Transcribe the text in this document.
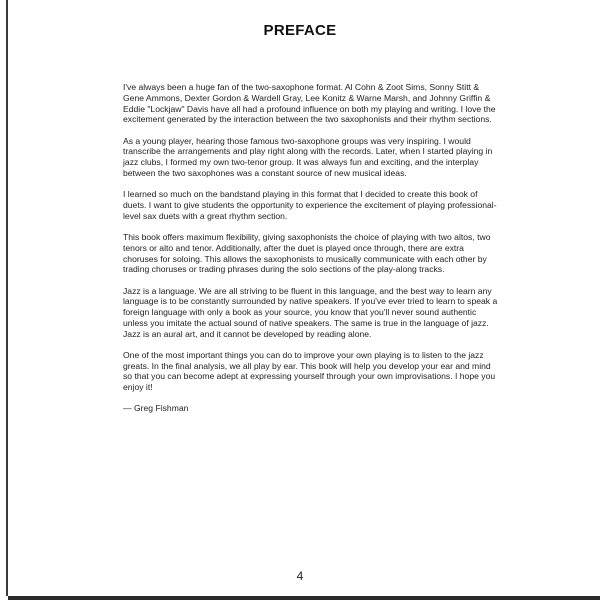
PREFACE

I've always been a huge fan of the two-saxophone format. Al Cohn & Zoot Sims, Sonny Stitt & Gene Ammons, Dexter Gordon & Wardell Gray, Lee Konitz & Warne Marsh, and Johnny Griffin & Eddie "Lockjaw" Davis have all had a profound influence on both my playing and writing. I love the excitement generated by the interaction between the two saxophonists and their rhythm sections.

As a young player, hearing those famous two-saxophone groups was very inspiring. I would transcribe the arrangements and play right along with the records. Later, when I started playing in jazz clubs, I formed my own two-tenor group. It was always fun and exciting, and the interplay between the two saxophones was a constant source of new musical ideas.

I learned so much on the bandstand playing in this format that I decided to create this book of duets. I want to give students the opportunity to experience the excitement of playing professional-level sax duets with a great rhythm section.

This book offers maximum flexibility, giving saxophonists the choice of playing with two altos, two tenors or alto and tenor. Additionally, after the duet is played once through, there are extra choruses for soloing. This allows the saxophonists to musically communicate with each other by trading choruses or trading phrases during the solo sections of the play-along tracks.

Jazz is a language. We are all striving to be fluent in this language, and the best way to learn any language is to be constantly surrounded by native speakers. If you've ever tried to learn to speak a foreign language with only a book as your source, you know that you'll never sound authentic unless you imitate the actual sound of native speakers. The same is true in the language of jazz. Jazz is an aural art, and it cannot be developed by reading alone.

One of the most important things you can do to improve your own playing is to listen to the jazz greats. In the final analysis, we all play by ear. This book will help you develop your ear and mind so that you can become adept at expressing yourself through your own improvisations. I hope you enjoy it!

— Greg Fishman

4
